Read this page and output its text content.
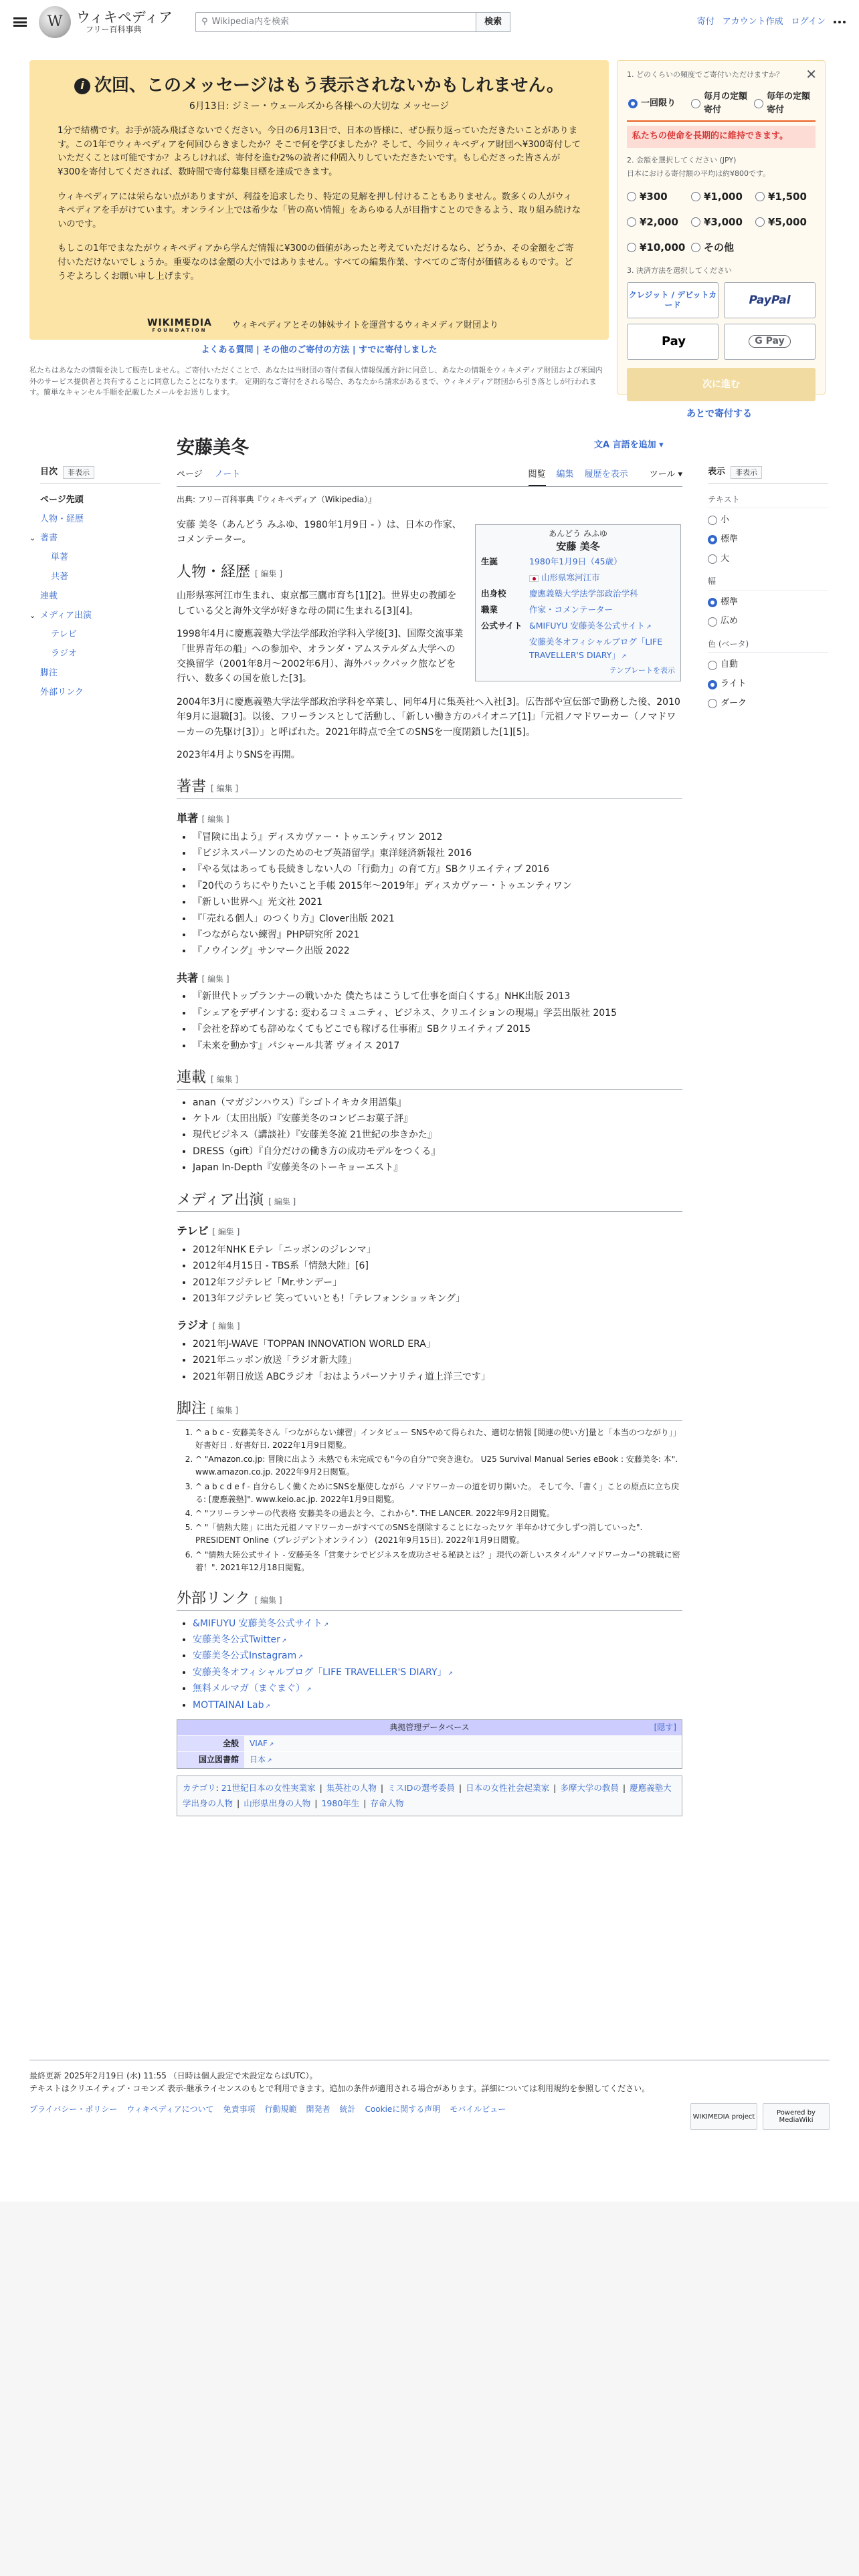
W ウィキペディア
フリー百科事典
⚲ Wikipedia内を検索	検索	寄付 アカウント作成 ログイン
i 次回、このメッセージはもう表示されないかもしれません。
6月13日: ジミー・ウェールズから各様への大切な メッセージ

1分で結構です。お手が読み飛ばさないでください。今日の6月13日で、日本の皆様に、ぜひ振り返っていただきたいことがあります。この1年でウィキペディアを何回ひらきましたか？そこで何を学びましたか？そして、今回ウィキペディア財団へ¥300寄付していただくことは可能ですか？よろしければ、寄付を進む2%の読者に仲間入りしていただきたいです。もし心ださった皆さんが¥300を寄付してくだされば、数時間で寄付募集目標を達成できます。

ウィキペディアには栄らない点がありますが、利益を追求したり、特定の見解を押し付けることもありません。数多くの人がウィキペディアを手がけています。オンライン上では希少な「皆の高い情報」をあらゆる人が目指すことのできるよう、取り組み続けないのです。

もしこの1年でまなたがウィキペディアから学んだ情報に¥300の価値があったと考えていただけるなら、どうか、その金額をご寄付いただけないでしょうか。重要なのは金額の大小ではありません。すべての編集作業、すべてのご寄付が価値あるものです。どうぞよろしくお願い申し上げます。

WIKIMEDIA
FOUNDATION
ウィキペディアとその姉妹サイトを運営するウィキメディア財団より
✕
1. どのくらいの頻度でご寄付いただけますか？
一回限り
毎月の定額寄付
毎年の定額寄付
私たちの使命を長期的に維持できます。
2. 金額を選択してください (JPY)
日本における寄付額の平均は約¥800です。
¥300	¥1,000	¥1,500
¥2,000	¥3,000	¥5,000
¥10,000 その他
3. 決済方法を選択してください
クレジット / デビットカード	PayPal
Pay	G Pay
次に進む
よくある質問 | その他のご寄付の方法 | すでに寄付しました
私たちはあなたの情報を決して販売しません。ご寄付いただくことで、あなたは当財団の寄付者個人情報保護方針に同意し、あなたの情報をウィキメディア財団および米国内外のサービス提供者と共有することに同意したことになります。 定期的なご寄付をされる場合、あなたから請求があるまで、ウィキメディア財団から引き落としが行われます。簡単なキャンセル手順を記載したメールをお送りします。
あとで寄付する
目次	非表示
ページ先頭
人物・経歴
⌄ 著書
単著
共著
連載
⌄ メディア出演
テレビ
ラジオ
脚注
外部リンク
安藤美冬	文A 言語を追加 ▾
ページ ノート	閲覧 編集 履歴を表示	ツール ▾
出典: フリー百科事典『ウィキペディア（Wikipedia）』
あんどう みふゆ
安藤 美冬
生誕	1980年1月9日（45歳）
山形県寒河江市
出身校	慶應義塾大学法学部政治学科
職業	作家・コメンテーター
公式サイト &MIFUYU 安藤美冬公式サイト ↗
安藤美冬オフィシャルブログ「LIFE TRAVELLER'S DIARY」 ↗
テンプレートを表示

安藤 美冬（あんどう みふゆ、1980年1月9日 - ）は、日本の作家、コメンテーター。

人物・経歴 [ 編集 ]

山形県寒河江市生まれ、東京都三鷹市育ち[1][2]。世界史の教師をしている父と海外文学が好きな母の間に生まれる[3][4]。

1998年4月に慶應義塾大学法学部政治学科入学後[3]、国際交流事業「世界青年の船」への参加や、オランダ・アムステルダム大学への交換留学（2001年8月〜2002年6月）、海外バックパック旅などを行い、数多くの国を旅した[3]。

2004年3月に慶應義塾大学法学部政治学科を卒業し、同年4月に集英社へ入社[3]。広告部や宣伝部で勤務した後、2010年9月に退職[3]。以後、フリーランスとして活動し、「新しい働き方のパイオニア[1]」「元祖ノマドワーカー（ノマドワーカーの先駆け[3]）」と呼ばれた。2021年時点で全てのSNSを一度閉鎖した[1][5]。

2023年4月よりSNSを再開。

著書 [ 編集 ]
単著 [ 編集 ]
• 『冒険に出よう』ディスカヴァー・トゥエンティワン 2012
• 『ビジネスパーソンのためのセブ英語留学』東洋経済新報社 2016
• 『やる気はあっても長続きしない人の「行動力」の育て方』SBクリエイティブ 2016
• 『20代のうちにやりたいこと手帳 2015年〜2019年』ディスカヴァー・トゥエンティワン
• 『新しい世界へ』光文社 2021
• 『「売れる個人」のつくり方』Clover出版 2021
• 『つながらない練習』PHP研究所 2021
• 『ノウイング』サンマーク出版 2022
共著 [ 編集 ]
• 『新世代トップランナーの戦いかた 僕たちはこうして仕事を面白くする』NHK出版 2013
• 『シェアをデザインする: 変わるコミュニティ、ビジネス、クリエイションの現場』学芸出版社 2015
• 『会社を辞めても辞めなくてもどこでも稼げる仕事術』SBクリエイティブ 2015
• 『未来を動かす』パシャール共著 ヴォイス 2017
連載 [ 編集 ]
• anan（マガジンハウス）『シゴトイキカタ用語集』
• ケトル（太田出版）『安藤美冬のコンビニお菓子評』
• 現代ビジネス（講談社）『安藤美冬流 21世紀の歩きかた』
• DRESS（gift）『自分だけの働き方の成功モデルをつくる』
• Japan In-Depth『安藤美冬のトーキョーエスト』
メディア出演 [ 編集 ]
テレビ [ 編集 ]
• 2012年NHK Eテレ「ニッポンのジレンマ」
• 2012年4月15日 - TBS系「情熱大陸」[6]
• 2012年フジテレビ「Mr.サンデー」
• 2013年フジテレビ 笑っていいとも!「テレフォンショッキング」
ラジオ [ 編集 ]
• 2021年J-WAVE「TOPPAN INNOVATION WORLD ERA」
• 2021年ニッポン放送「ラジオ新大陸」
• 2021年朝日放送 ABCラジオ「おはようパーソナリティ道上洋三です」
脚注 [ 編集 ]
1. ^ a b c - 安藤美冬さん「つながらない練習」インタビュー SNSやめて得られた、適切な情報 [関連の使い方]量と「本当のつながり」」 好書好日 . 好書好日. 2022年1月9日閲覧。
2. ^ "Amazon.co.jp: 冒険に出よう 未熟でも未完成でも"今の自分"で突き進む。 U25 Survival Manual Series eBook : 安藤美冬: 本". www.amazon.co.jp. 2022年9月2日閲覧。
3. ^ a b c d e f - 自分らしく働くためにSNSを駆使しながら ノマドワーカーの道を切り開いた。 そして今、「書く」ことの原点に立ち戻る: [慶應義塾]". www.keio.ac.jp. 2022年1月9日閲覧。
4. ^ "フリーランサーの代表格 安藤美冬の過去と今、これから". THE LANCER. 2022年9月2日閲覧。
5. ^ "「情熱大陸」に出た元祖ノマドワーカーがすべてのSNSを削除することになったワケ 半年かけて少しずつ消していった". PRESIDENT Online（プレジデントオンライン） (2021年9月15日). 2022年1月9日閲覧。
6. ^ "情熱大陸公式サイト - 安藤美冬「営業ナシでビジネスを成功させる秘訣とは？」現代の新しいスタイル"ノマドワーカー"の挑戦に密着！". 2021年12月18日閲覧。
外部リンク [ 編集 ]
• &MIFUYU 安藤美冬公式サイト ↗
• 安藤美冬公式Twitter ↗
• 安藤美冬公式Instagram ↗
• 安藤美冬オフィシャルブログ「LIFE TRAVELLER'S DIARY」 ↗
• 無料メルマガ（まぐまぐ） ↗
• MOTTAINAI Lab ↗
典拠管理データベース	[隠す]
全般	VIAF ↗
国立図書館	日本 ↗
カテゴリ: 21世紀日本の女性実業家 | 集英社の人物 | ミスIDの選考委員 | 日本の女性社会起業家 | 多摩大学の教員 | 慶應義塾大学出身の人物 | 山形県出身の人物 | 1980年生 | 存命人物
表示	非表示
テキスト
小
標準
大
幅
標準
広め
色 (ベータ)
自動
ライト
ダーク
最終更新 2025年2月19日 (水) 11:55 （日時は個人設定で未設定ならばUTC）。
テキストはクリエイティブ・コモンズ 表示-継承ライセンスのもとで利用できます。追加の条件が適用される場合があります。詳細については利用規約を参照してください。
プライバシー・ポリシー ウィキペディアについて 免責事項 行動規範 開発者 統計 Cookieに関する声明 モバイルビュー
WIKIMEDIA project	Powered by MediaWiki
